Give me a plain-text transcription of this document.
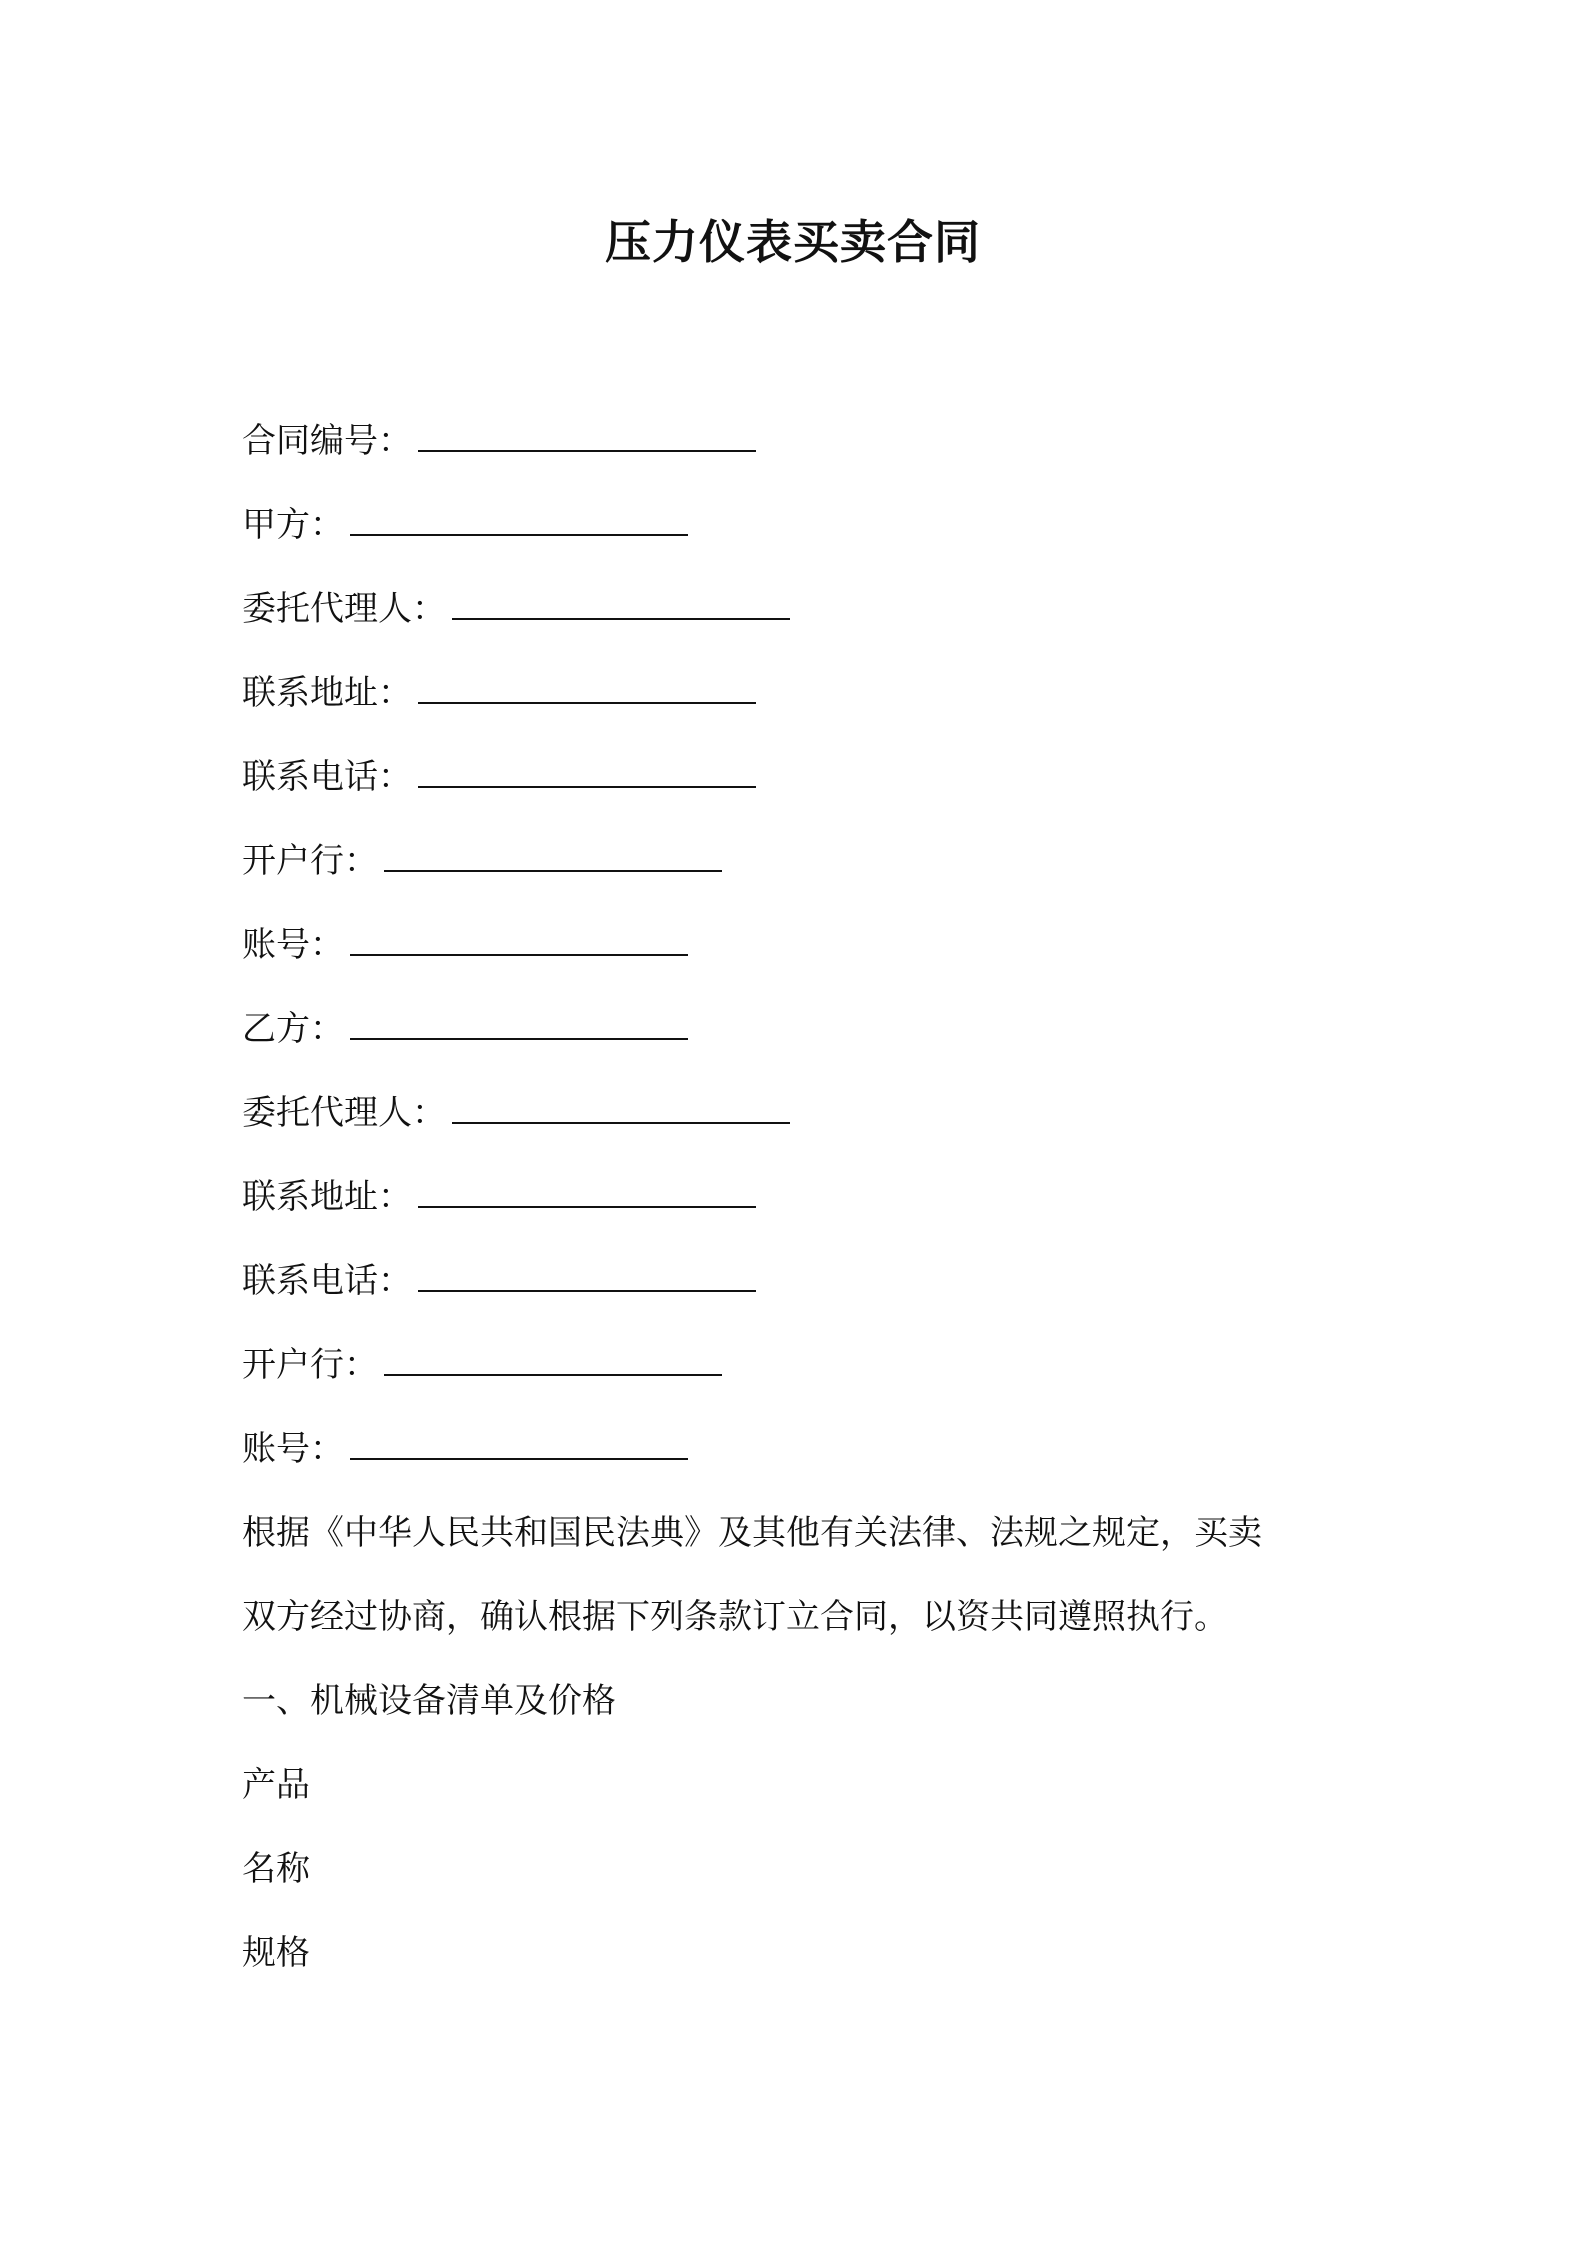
压力仪表买卖合同
合同编号：
甲方：
委托代理人：
联系地址：
联系电话：
开户行：
账号：
乙方：
委托代理人：
联系地址：
联系电话：
开户行：
账号：
根据《中华人民共和国民法典》及其他有关法律、法规之规定，买卖
双方经过协商，确认根据下列条款订立合同，以资共同遵照执行。
一、机械设备清单及价格
产品
名称
规格
